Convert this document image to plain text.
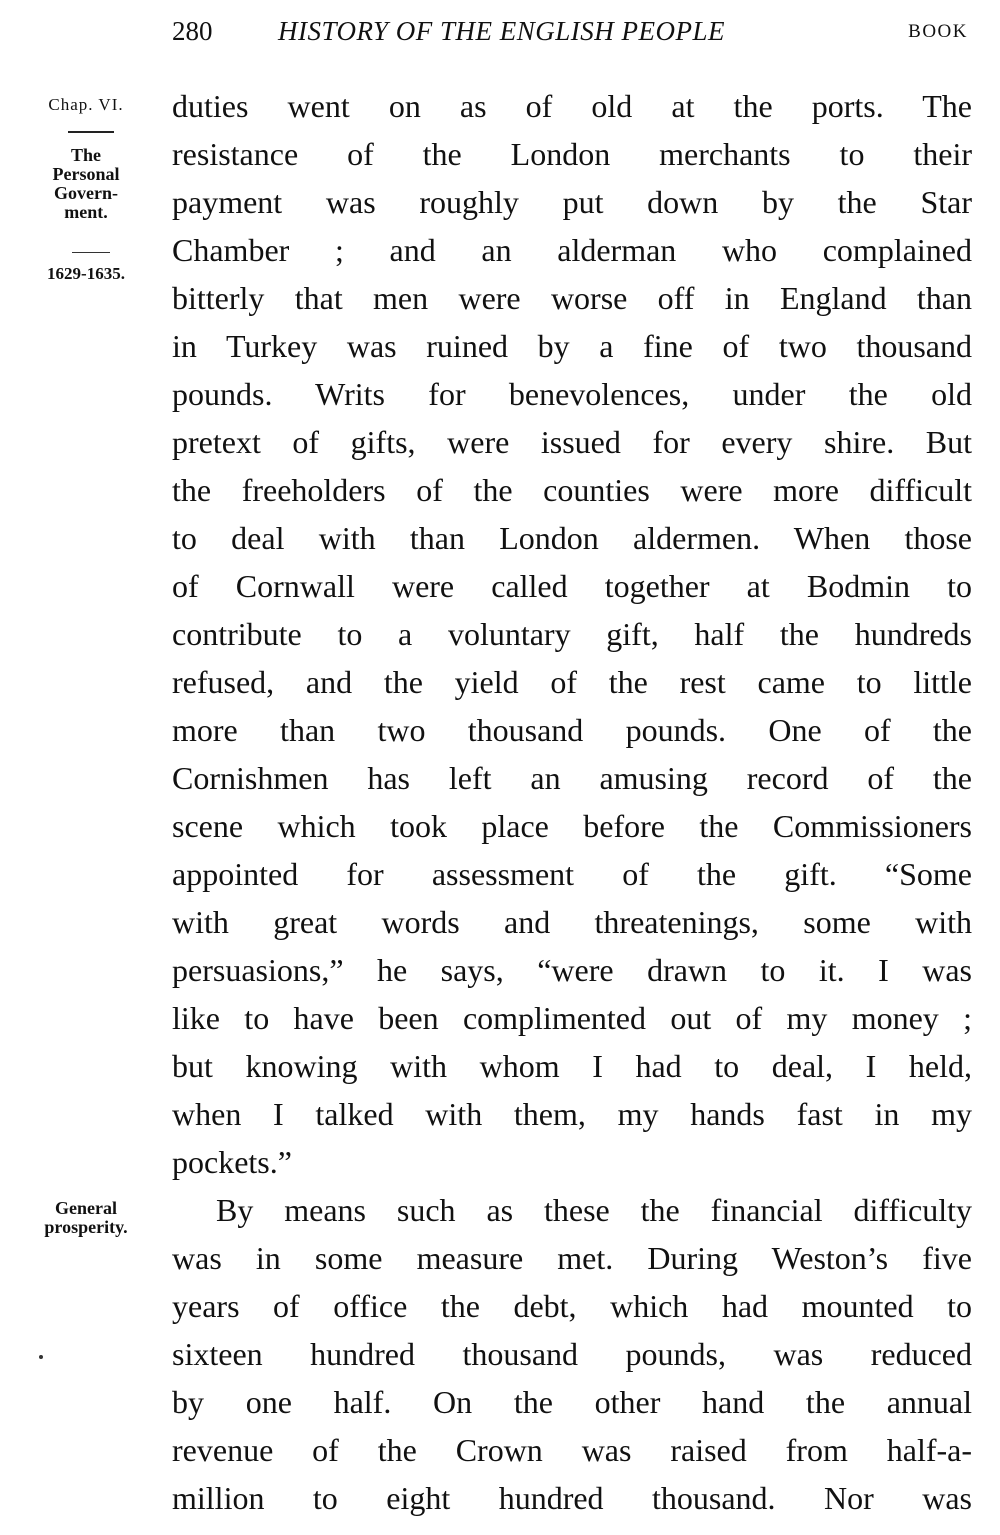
280 HISTORY OF THE ENGLISH PEOPLE	BOOK
Chap. VI.
The
Personal
Govern-
ment.
1629-1635.
General
prosperity.
duties went on as of old at the ports. The
resistance of the London merchants to their
payment was roughly put down by the Star
Chamber ; and an alderman who complained
bitterly that men were worse off in England than
in Turkey was ruined by a fine of two thousand
pounds. Writs for benevolences, under the old
pretext of gifts, were issued for every shire. But
the freeholders of the counties were more difficult
to deal with than London aldermen. When those
of Cornwall were called together at Bodmin to
contribute to a voluntary gift, half the hundreds
refused, and the yield of the rest came to little
more than two thousand pounds. One of the
Cornishmen has left an amusing record of the
scene which took place before the Commissioners
appointed for assessment of the gift. “Some
with great words and threatenings, some with
persuasions,” he says, “were drawn to it. I was
like to have been complimented out of my money ;
but knowing with whom I had to deal, I held,
when I talked with them, my hands fast in my
pockets.”
By means such as these the financial difficulty
was in some measure met. During Weston’s five
years of office the debt, which had mounted to
sixteen hundred thousand pounds, was reduced
by one half. On the other hand the annual
revenue of the Crown was raised from half-a-
million to eight hundred thousand. Nor was
